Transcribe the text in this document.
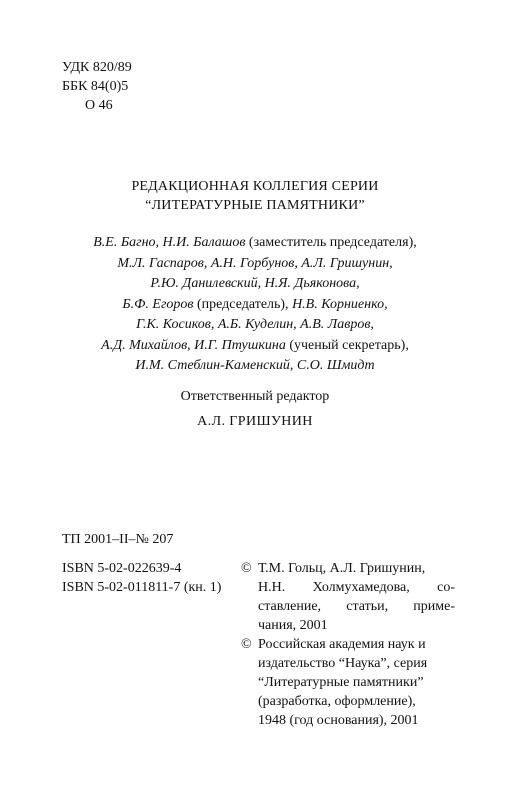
УДК 820/89
ББК 84(0)5
О 46
РЕДАКЦИОННАЯ КОЛЛЕГИЯ СЕРИИ
“ЛИТЕРАТУРНЫЕ ПАМЯТНИКИ”
В.Е. Багно, Н.И. Балашов (заместитель председателя),
М.Л. Гаспаров, А.Н. Горбунов, А.Л. Гришунин,
Р.Ю. Данилевский, Н.Я. Дьяконова,
Б.Ф. Егоров (председатель), Н.В. Корниенко,
Г.К. Косиков, А.Б. Куделин, А.В. Лавров,
А.Д. Михайлов, И.Г. Птушкина (ученый секретарь),
И.М. Стеблин-Каменский, С.О. Шмидт
Ответственный редактор
А.Л. ГРИШУНИН
ТП 2001–II–№ 207
ISBN 5-02-022639-4
ISBN 5-02-011811-7 (кн. 1)
© Т.М. Гольц, А.Л. Гришунин,
Н.Н. Холмухамедова, со-
ставление, статьи, приме-
чания, 2001
© Российская академия наук и
издательство “Наука”, серия
“Литературные памятники”
(разработка, оформление),
1948 (год основания), 2001
